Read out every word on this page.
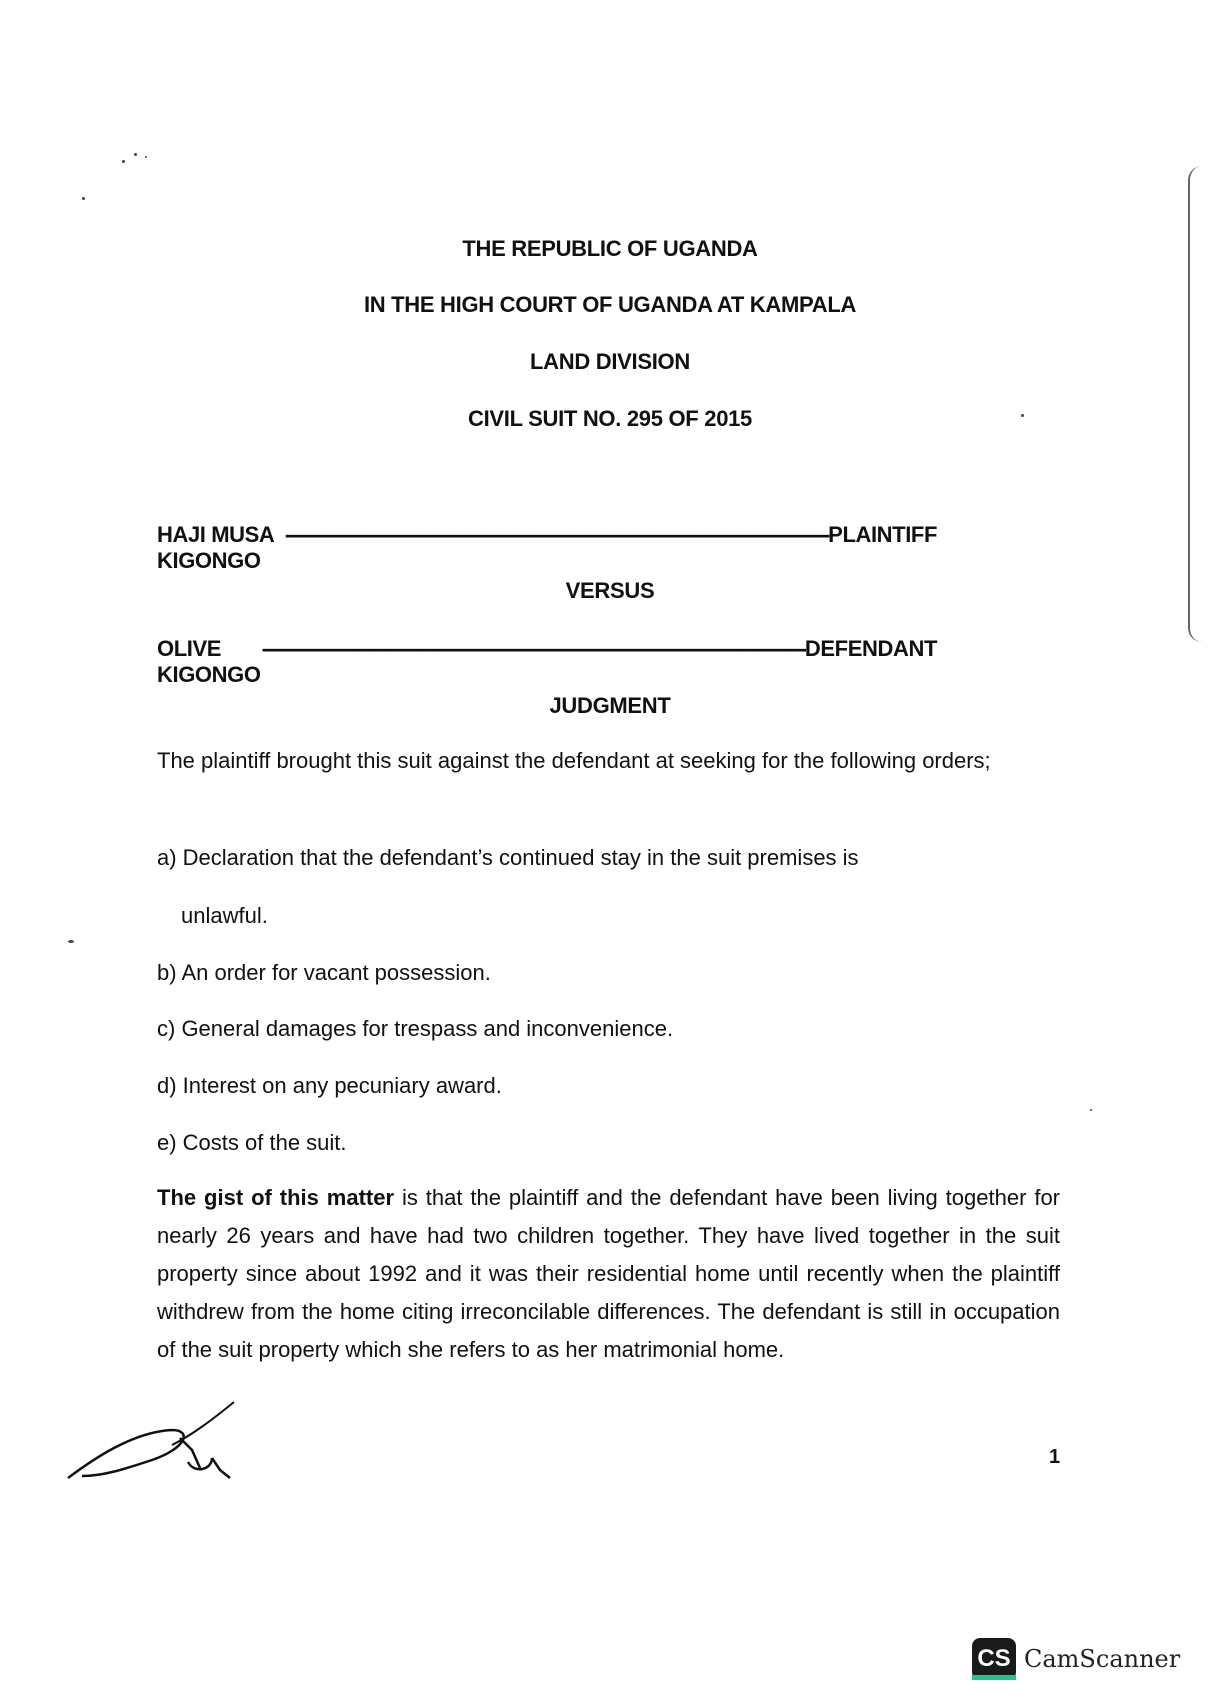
THE REPUBLIC OF UGANDA
IN THE HIGH COURT OF UGANDA AT KAMPALA
LAND DIVISION
CIVIL SUIT NO. 295 OF 2015
HAJI MUSA KIGONGO
------------------------------------------------------------------------------------------------------ PLAINTIFF
VERSUS
OLIVE KIGONGO
------------------------------------------------------------------------------------------------------ DEFENDANT
JUDGMENT
The plaintiff brought this suit against the defendant at seeking for the following orders;
a) Declaration that the defendant’s continued stay in the suit premises is
unlawful.
b) An order for vacant possession.
c) General damages for trespass and inconvenience.
d) Interest on any pecuniary award.
e) Costs of the suit.
The gist of this matter is that the plaintiff and the defendant have been living together for nearly 26 years and have had two children together. They have lived together in the suit property since about 1992 and it was their residential home until recently when the plaintiff withdrew from the home citing irreconcilable differences. The defendant is still in occupation of the suit property which she refers to as her matrimonial home.
1
CS CamScanner
